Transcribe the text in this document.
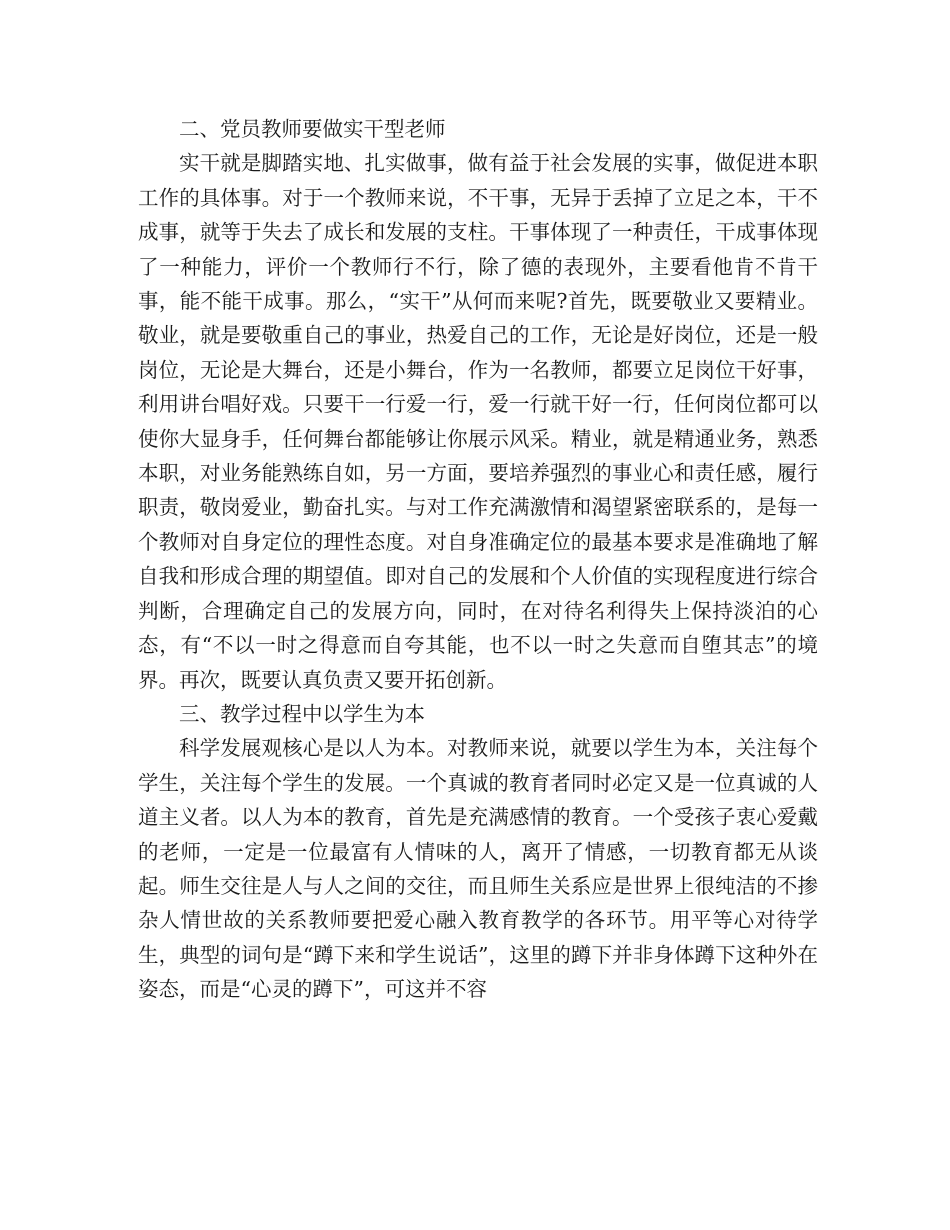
二、党员教师要做实干型老师

实干就是脚踏实地、扎实做事，做有益于社会发展的实事，做促进本职工作的具体事。对于一个教师来说，不干事，无异于丢掉了立足之本，干不成事，就等于失去了成长和发展的支柱。干事体现了一种责任，干成事体现了一种能力，评价一个教师行不行，除了德的表现外，主要看他肯不肯干事，能不能干成事。那么，“实干”从何而来呢?首先，既要敬业又要精业。敬业，就是要敬重自己的事业，热爱自己的工作，无论是好岗位，还是一般岗位，无论是大舞台，还是小舞台，作为一名教师，都要立足岗位干好事，利用讲台唱好戏。只要干一行爱一行，爱一行就干好一行，任何岗位都可以使你大显身手，任何舞台都能够让你展示风采。精业，就是精通业务，熟悉本职，对业务能熟练自如，另一方面，要培养强烈的事业心和责任感，履行职责，敬岗爱业，勤奋扎实。与对工作充满激情和渴望紧密联系的，是每一个教师对自身定位的理性态度。对自身准确定位的最基本要求是准确地了解自我和形成合理的期望值。即对自己的发展和个人价值的实现程度进行综合判断，合理确定自己的发展方向，同时，在对待名利得失上保持淡泊的心态，有“不以一时之得意而自夸其能，也不以一时之失意而自堕其志”的境界。再次，既要认真负责又要开拓创新。

三、教学过程中以学生为本

科学发展观核心是以人为本。对教师来说，就要以学生为本，关注每个学生，关注每个学生的发展。一个真诚的教育者同时必定又是一位真诚的人道主义者。以人为本的教育，首先是充满感情的教育。一个受孩子衷心爱戴的老师，一定是一位最富有人情味的人，离开了情感，一切教育都无从谈起。师生交往是人与人之间的交往，而且师生关系应是世界上很纯洁的不掺杂人情世故的关系教师要把爱心融入教育教学的各环节。用平等心对待学生，典型的词句是“蹲下来和学生说话”，这里的蹲下并非身体蹲下这种外在姿态，而是“心灵的蹲下”，可这并不容
